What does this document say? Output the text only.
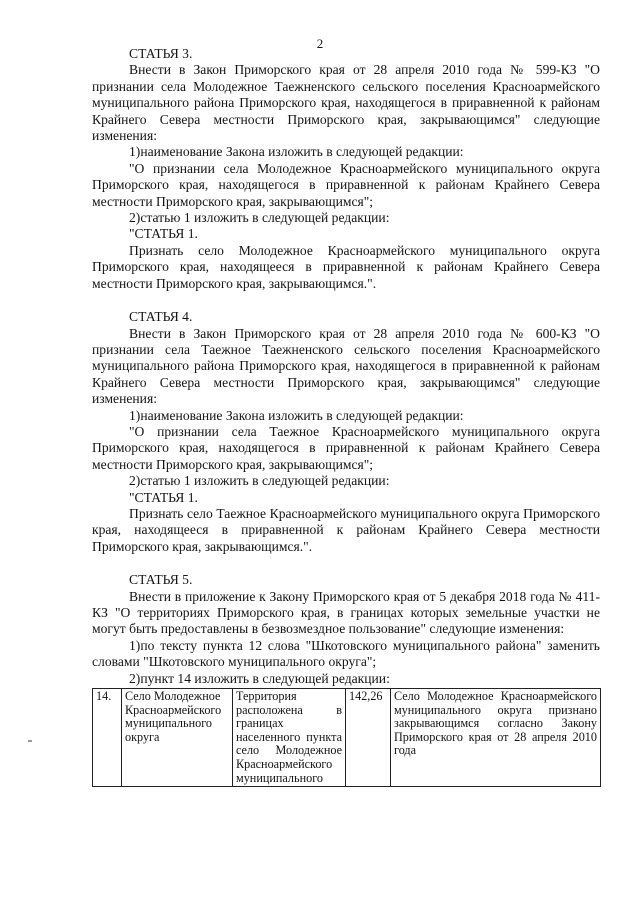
2

СТАТЬЯ 3.

Внести в Закон Приморского края от 28 апреля 2010 года № 599-КЗ "О признании села Молодежное Таежненского сельского поселения Красноармейского муниципального района Приморского края, находящегося в приравненной к районам Крайнего Севера местности Приморского края, закрывающимся" следующие изменения:

1)наименование Закона изложить в следующей редакции:

"О признании села Молодежное Красноармейского муниципального округа Приморского края, находящегося в приравненной к районам Крайнего Севера местности Приморского края, закрывающимся";

2)статью 1 изложить в следующей редакции:

"СТАТЬЯ 1.

Признать село Молодежное Красноармейского муниципального округа Приморского края, находящееся в приравненной к районам Крайнего Севера местности Приморского края, закрывающимся.".

СТАТЬЯ 4.

Внести в Закон Приморского края от 28 апреля 2010 года № 600-КЗ "О признании села Таежное Таежненского сельского поселения Красноармейского муниципального района Приморского края, находящегося в приравненной к районам Крайнего Севера местности Приморского края, закрывающимся" следующие изменения:

1)наименование Закона изложить в следующей редакции:

"О признании села Таежное Красноармейского муниципального округа Приморского края, находящегося в приравненной к районам Крайнего Севера местности Приморского края, закрывающимся";

2)статью 1 изложить в следующей редакции:

"СТАТЬЯ 1.

Признать село Таежное Красноармейского муниципального округа Приморского края, находящееся в приравненной к районам Крайнего Севера местности Приморского края, закрывающимся.".

СТАТЬЯ 5.

Внести в приложение к Закону Приморского края от 5 декабря 2018 года № 411-КЗ "О территориях Приморского края, в границах которых земельные участки не могут быть предоставлены в безвозмездное пользование" следующие изменения:

1)по тексту пункта 12 слова "Шкотовского муниципального района" заменить словами "Шкотовского муниципального округа";

2)пункт 14 изложить в следующей редакции:

14.	Село Молодежное Красноармейского муниципального округа	Территория расположена в границах населенного пункта село Молодежное Красноармейского муниципального	142,26	Село Молодежное Красноармейского муниципального округа признано закрывающимся согласно Закону Приморского края от 28 апреля 2010 года
